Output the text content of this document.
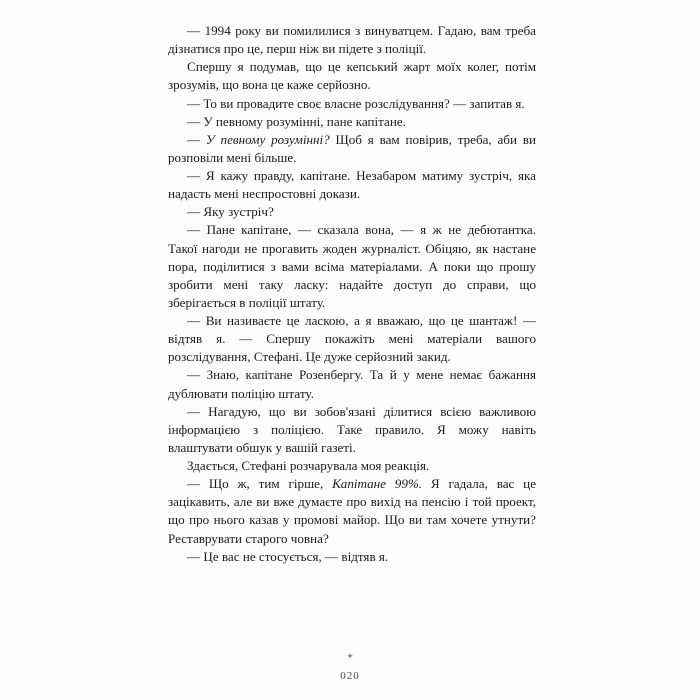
— 1994 року ви помилилися з винуватцем. Гадаю, вам треба дізнатися про це, перш ніж ви підете з поліції.

Спершу я подумав, що це кепський жарт моїх колег, потім зрозумів, що вона це каже серйозно.

— То ви провадите своє власне розслідування? — запитав я.

— У певному розумінні, пане капітане.

— У певному розумінні? Щоб я вам повірив, треба, аби ви розповіли мені більше.

— Я кажу правду, капітане. Незабаром матиму зустріч, яка надасть мені неспростовні докази.

— Яку зустріч?

— Пане капітане, — сказала вона, — я ж не дебютантка. Такої нагоди не прогавить жоден журналіст. Обіцяю, як настане пора, поділитися з вами всіма матеріалами. А поки що прошу зробити мені таку ласку: надайте доступ до справи, що зберігається в поліції штату.

— Ви називаєте це ласкою, а я вважаю, що це шантаж! — відтяв я. — Спершу покажіть мені матеріали вашого розслідування, Стефані. Це дуже серйозний закид.

— Знаю, капітане Розенбергу. Та й у мене немає бажання дублювати поліцію штату.

— Нагадую, що ви зобов'язані ділитися всією важливою інформацією з поліцією. Таке правило. Я можу навіть влаштувати обшук у вашій газеті.

Здається, Стефані розчарувала моя реакція.

— Що ж, тим гірше, Капітане 99%. Я гадала, вас це зацікавить, але ви вже думаєте про вихід на пенсію і той проект, що про нього казав у промові майор. Що ви там хочете утнути? Реставрувати старого човна?

— Це вас не стосується, — відтяв я.

✦
020
